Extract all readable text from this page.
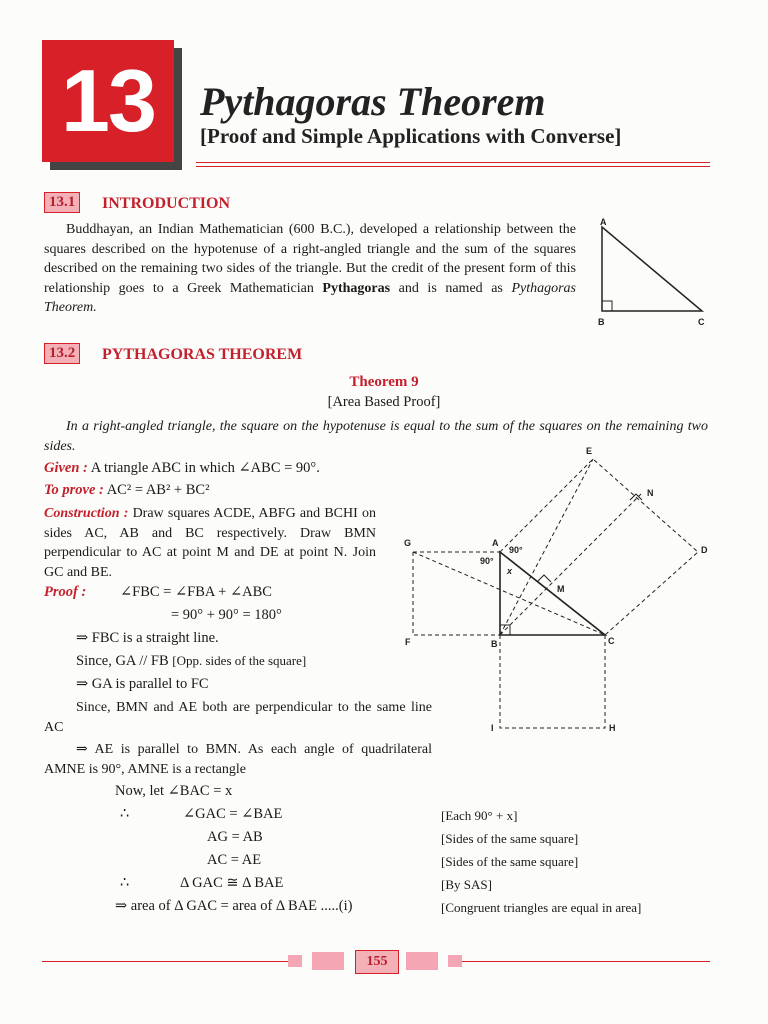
13	Pythagoras Theorem
[Proof and Simple Applications with Converse]
13.1	INTRODUCTION
Buddhayan, an Indian Mathematician (600 B.C.), developed a relationship between the squares described on the hypotenuse of a right-angled triangle and the sum of the squares described on the remaining two sides of the triangle. But the credit of the present form of this relationship goes to a Greek Mathematician Pythagoras and is named as Pythagoras Theorem.
A
B	C
13.2	PYTHAGORAS THEOREM
Theorem 9
[Area Based Proof]
In a right-angled triangle, the square on the hypotenuse is equal to the sum of the squares on the remaining two sides.
Given : A triangle ABC in which ∠ABC = 90°.
To prove : AC² = AB² + BC²
Construction : Draw squares ACDE, ABFG and BCHI on sides AC, AB and BC respectively. Draw BMN perpendicular to AC at point M and DE at point N. Join GC and BE.
Proof : ∠FBC = ∠FBA + ∠ABC
= 90° + 90° = 180°
⇒ FBC is a straight line.
Since, GA // FB [Opp. sides of the square]
⇒ GA is parallel to FC
Since, BMN and AE both are perpendicular to the same line AC
⇒ AE is parallel to BMN. As each angle of quadrilateral AMNE is 90°, AMNE is a rectangle
Now, let ∠BAC = x
∴	∠GAC = ∠BAE	[Each 90° + x]
AG = AB	[Sides of the same square]
AC = AE	[Sides of the same square]
∴	Δ GAC ≅ Δ BAE	[By SAS]
⇒ area of Δ GAC = area of Δ BAE .....(i)	[Congruent triangles are equal in area]
E
N
D
G	A
90°
90°
x
M
F	B	C
I	H
155
